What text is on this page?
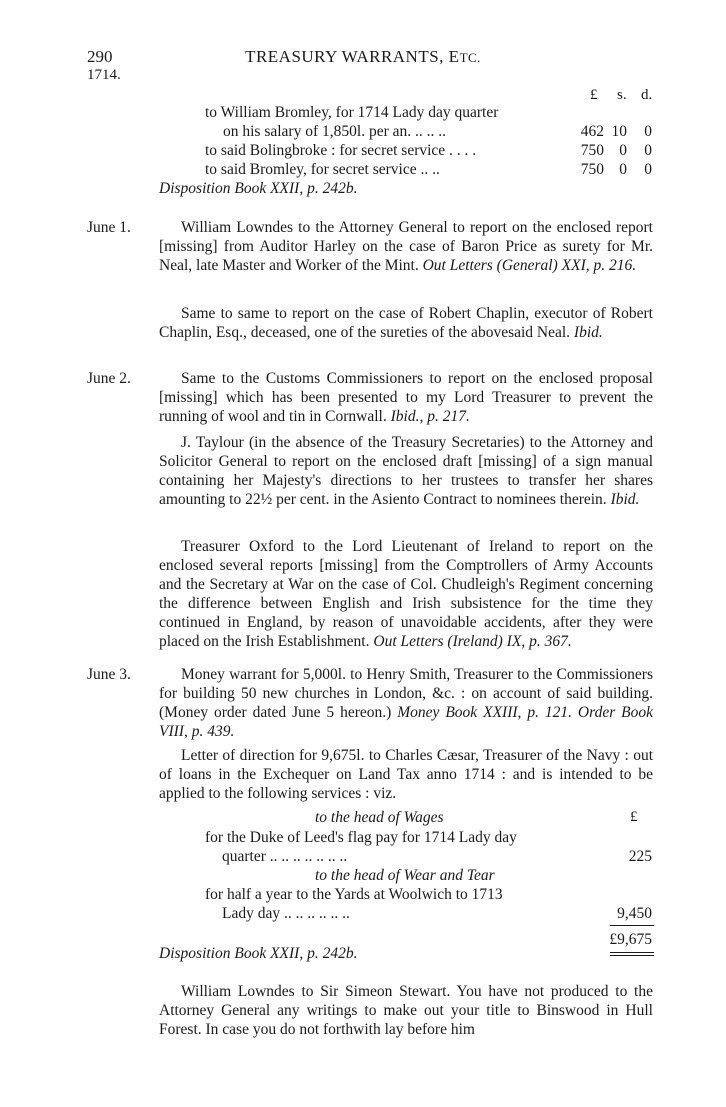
290	TREASURY WARRANTS, ETC.
1714.
£ s. d.
to William Bromley, for 1714 Lady day quarter
on his salary of 1,850l. per an. .. .. ..	462 10	0
to said Bolingbroke : for secret service . . . .	750 0	0
to said Bromley, for secret service .. ..	750 0	0
Disposition Book XXII, p. 242b.
June 1.	William Lowndes to the Attorney General to report on the enclosed report [missing] from Auditor Harley on the case of Baron Price as surety for Mr. Neal, late Master and Worker of the Mint. Out Letters (General) XXI, p. 216.
Same to same to report on the case of Robert Chaplin, executor of Robert Chaplin, Esq., deceased, one of the sureties of the abovesaid Neal. Ibid.
June 2.	Same to the Customs Commissioners to report on the enclosed proposal [missing] which has been presented to my Lord Treasurer to prevent the running of wool and tin in Cornwall. Ibid., p. 217.
J. Taylour (in the absence of the Treasury Secretaries) to the Attorney and Solicitor General to report on the enclosed draft [missing] of a sign manual containing her Majesty's directions to her trustees to transfer her shares amounting to 22½ per cent. in the Asiento Contract to nominees therein. Ibid.
Treasurer Oxford to the Lord Lieutenant of Ireland to report on the enclosed several reports [missing] from the Comptrollers of Army Accounts and the Secretary at War on the case of Col. Chudleigh's Regiment concerning the difference between English and Irish subsistence for the time they continued in England, by reason of unavoidable accidents, after they were placed on the Irish Establishment. Out Letters (Ireland) IX, p. 367.
June 3.	Money warrant for 5,000l. to Henry Smith, Treasurer to the Commissioners for building 50 new churches in London, &c. : on account of said building. (Money order dated June 5 hereon.) Money Book XXIII, p. 121. Order Book VIII, p. 439.
Letter of direction for 9,675l. to Charles Cæsar, Treasurer of the Navy : out of loans in the Exchequer on Land Tax anno 1714 : and is intended to be applied to the following services : viz.
£
to the head of Wages
for the Duke of Leed's flag pay for 1714 Lady day
quarter .. .. .. .. .. .. ..	225
to the head of Wear and Tear
for half a year to the Yards at Woolwich to 1713
Lady day .. .. .. .. .. ..	9,450
£9,675
Disposition Book XXII, p. 242b.
William Lowndes to Sir Simeon Stewart. You have not produced to the Attorney General any writings to make out your title to Binswood in Hull Forest. In case you do not forthwith lay before him
